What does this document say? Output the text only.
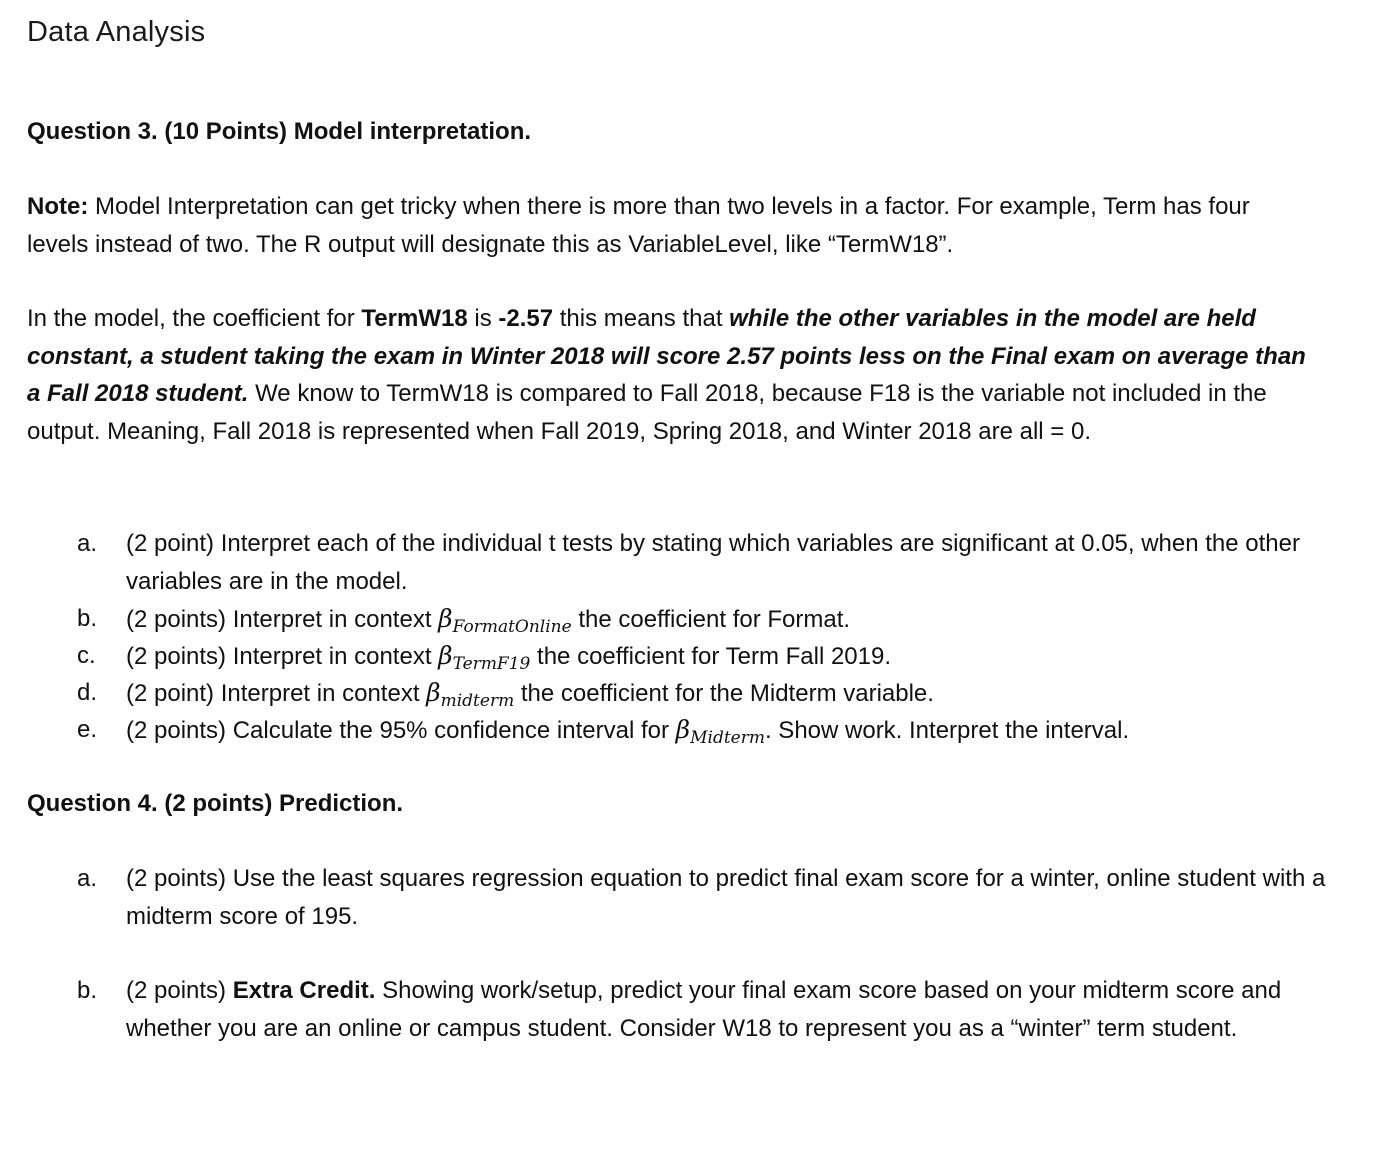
Data Analysis
Question 3. (10 Points) Model interpretation.
Note: Model Interpretation can get tricky when there is more than two levels in a factor. For example, Term has four levels instead of two. The R output will designate this as VariableLevel, like “TermW18”.
In the model, the coefficient for TermW18 is -2.57 this means that while the other variables in the model are held constant, a student taking the exam in Winter 2018 will score 2.57 points less on the Final exam on average than a Fall 2018 student. We know to TermW18 is compared to Fall 2018, because F18 is the variable not included in the output. Meaning, Fall 2018 is represented when Fall 2019, Spring 2018, and Winter 2018 are all = 0.
a. (2 point) Interpret each of the individual t tests by stating which variables are significant at 0.05, when the other variables are in the model.
b. (2 points) Interpret in context $\beta_{FormatOnline}$ the coefficient for Format.
c. (2 points) Interpret in context $\beta_{TermF19}$ the coefficient for Term Fall 2019.
d. (2 point) Interpret in context $\beta_{midterm}$ the coefficient for the Midterm variable.
e. (2 points) Calculate the 95% confidence interval for $\beta_{Midterm}$. Show work. Interpret the interval.
Question 4. (2 points) Prediction.
a. (2 points) Use the least squares regression equation to predict final exam score for a winter, online student with a midterm score of 195.
b. (2 points) Extra Credit. Showing work/setup, predict your final exam score based on your midterm score and whether you are an online or campus student. Consider W18 to represent you as a “winter” term student.
